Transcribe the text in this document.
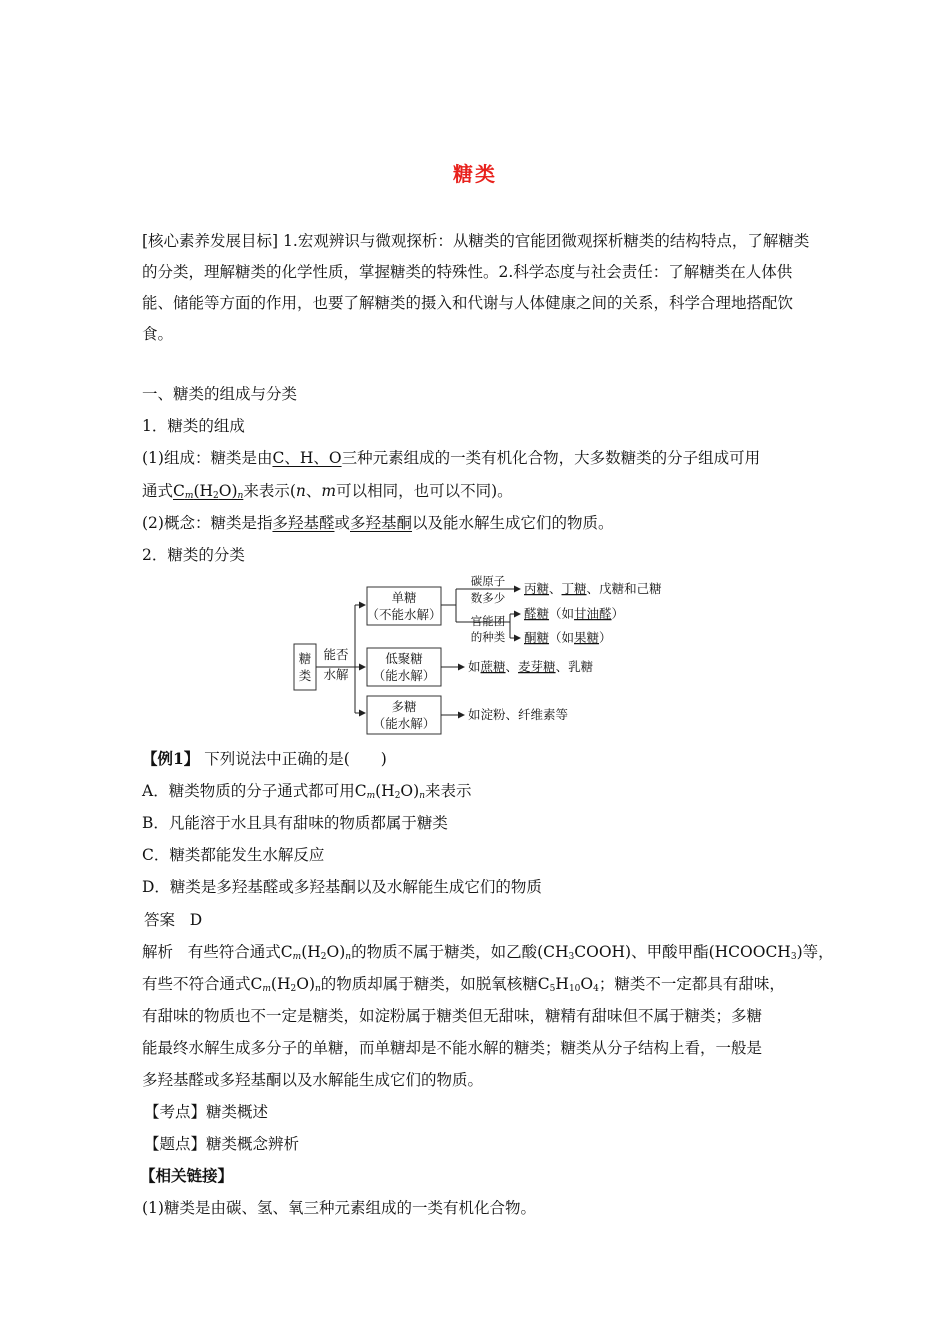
糖类
[核心素养发展目标] 1.宏观辨识与微观探析：从糖类的官能团微观探析糖类的结构特点，了解糖类的分类，理解糖类的化学性质，掌握糖类的特殊性。2.科学态度与社会责任：了解糖类在人体供能、储能等方面的作用，也要了解糖类的摄入和代谢与人体健康之间的关系，科学合理地搭配饮食。
一、糖类的组成与分类
1．糖类的组成
(1)组成：糖类是由C、H、O三种元素组成的一类有机化合物，大多数糖类的分子组成可用
通式$C_m(H_2O)_n$来表示(n、m可以相同，也可以不同)。
(2)概念：糖类是指多羟基醛或多羟基酮以及能水解生成它们的物质。
2．糖类的分类
糖
类
能否
水解
单糖
（不能水解）
低聚糖
（能水解）
多糖
（能水解）
碳原子
数多少
官能团
的种类
丙糖、丁糖、戊糖和己糖
醛糖（如甘油醛）
酮糖（如果糖）
如蔗糖、麦芽糖、乳糖
如淀粉、纤维素等
【例1】 下列说法中正确的是(　　)
A．糖类物质的分子通式都可用$C_m(H_2O)_n$来表示
B．凡能溶于水且具有甜味的物质都属于糖类
C．糖类都能发生水解反应
D．糖类是多羟基醛或多羟基酮以及水解能生成它们的物质
答案 D
解析 有些符合通式$C_m(H_2O)_n$的物质不属于糖类，如乙酸$(CH_3COOH)$、甲酸甲酯$(HCOOCH_3)$等，
有些不符合通式$C_m(H_2O)_n$的物质却属于糖类，如脱氧核糖$C_5H_{10}O_4$；糖类不一定都具有甜味，
有甜味的物质也不一定是糖类，如淀粉属于糖类但无甜味，糖精有甜味但不属于糖类；多糖
能最终水解生成多分子的单糖，而单糖却是不能水解的糖类；糖类从分子结构上看，一般是
多羟基醛或多羟基酮以及水解能生成它们的物质。
【考点】糖类概述
【题点】糖类概念辨析
【相关链接】
(1)糖类是由碳、氢、氧三种元素组成的一类有机化合物。
